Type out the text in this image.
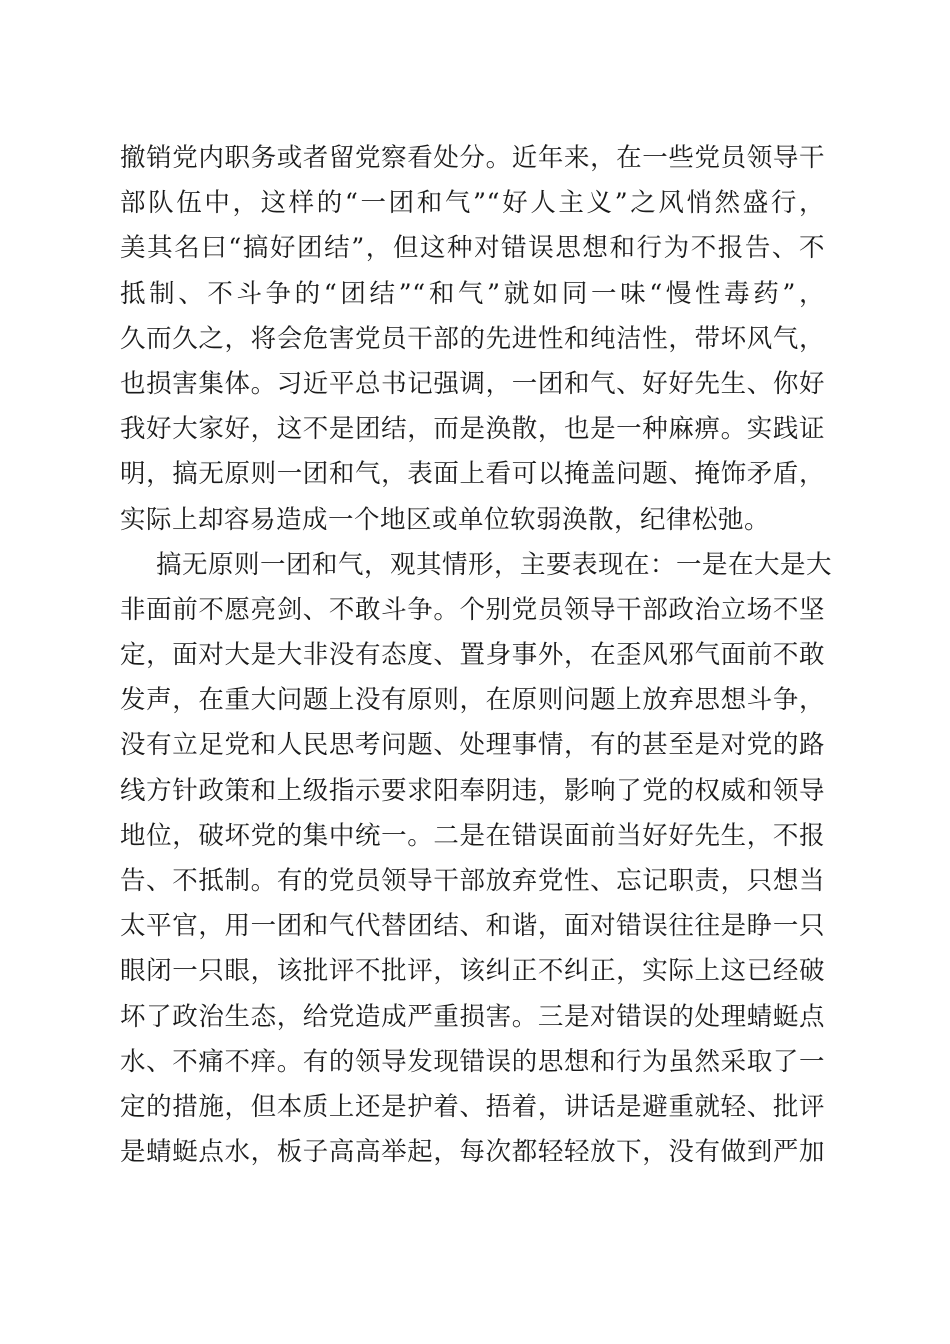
撤销党内职务或者留党察看处分。近年来，在一些党员领导干
部队伍中，这样的“一团和气”“好人主义”之风悄然盛行，
美其名曰“搞好团结”，但这种对错误思想和行为不报告、不
抵制、不斗争的“团结”“和气”就如同一味“慢性毒药”，
久而久之，将会危害党员干部的先进性和纯洁性，带坏风气，
也损害集体。习近平总书记强调，一团和气、好好先生、你好
我好大家好，这不是团结，而是涣散，也是一种麻痹。实践证
明，搞无原则一团和气，表面上看可以掩盖问题、掩饰矛盾，
实际上却容易造成一个地区或单位软弱涣散，纪律松弛。
搞无原则一团和气，观其情形，主要表现在：一是在大是大
非面前不愿亮剑、不敢斗争。个别党员领导干部政治立场不坚
定，面对大是大非没有态度、置身事外，在歪风邪气面前不敢
发声，在重大问题上没有原则，在原则问题上放弃思想斗争，
没有立足党和人民思考问题、处理事情，有的甚至是对党的路
线方针政策和上级指示要求阳奉阴违，影响了党的权威和领导
地位，破坏党的集中统一。二是在错误面前当好好先生，不报
告、不抵制。有的党员领导干部放弃党性、忘记职责，只想当
太平官，用一团和气代替团结、和谐，面对错误往往是睁一只
眼闭一只眼，该批评不批评，该纠正不纠正，实际上这已经破
坏了政治生态，给党造成严重损害。三是对错误的处理蜻蜓点
水、不痛不痒。有的领导发现错误的思想和行为虽然采取了一
定的措施，但本质上还是护着、捂着，讲话是避重就轻、批评
是蜻蜓点水，板子高高举起，每次都轻轻放下，没有做到严加
